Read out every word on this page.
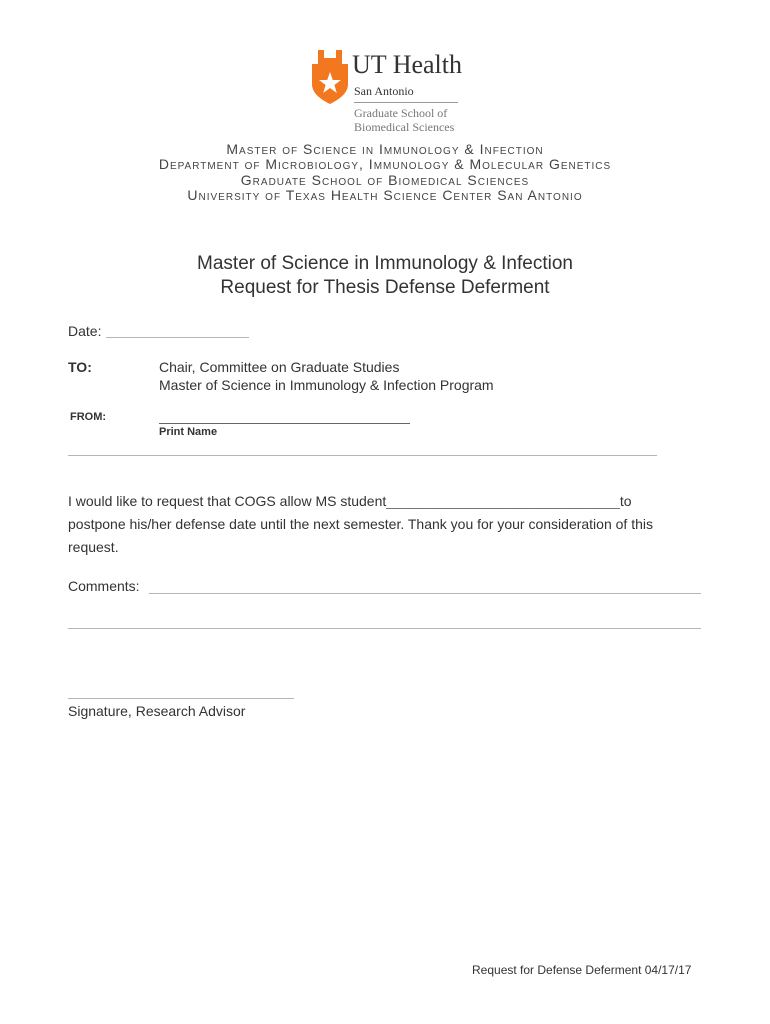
UT Health
San Antonio
Graduate School of
Biomedical Sciences
Master of Science in Immunology & Infection
Department of Microbiology, Immunology & Molecular Genetics
Graduate School of Biomedical Sciences
University of Texas Health Science Center San Antonio
Master of Science in Immunology & Infection
Request for Thesis Defense Deferment
Date:
TO:	Chair, Committee on Graduate Studies
Master of Science in Immunology & Infection Program
FROM:
Print Name
I would like to request that COGS allow MS student______________________________to
postpone his/her defense date until the next semester. Thank you for your consideration of this
request.
Comments:
Signature, Research Advisor
Request for Defense Deferment 04/17/17
